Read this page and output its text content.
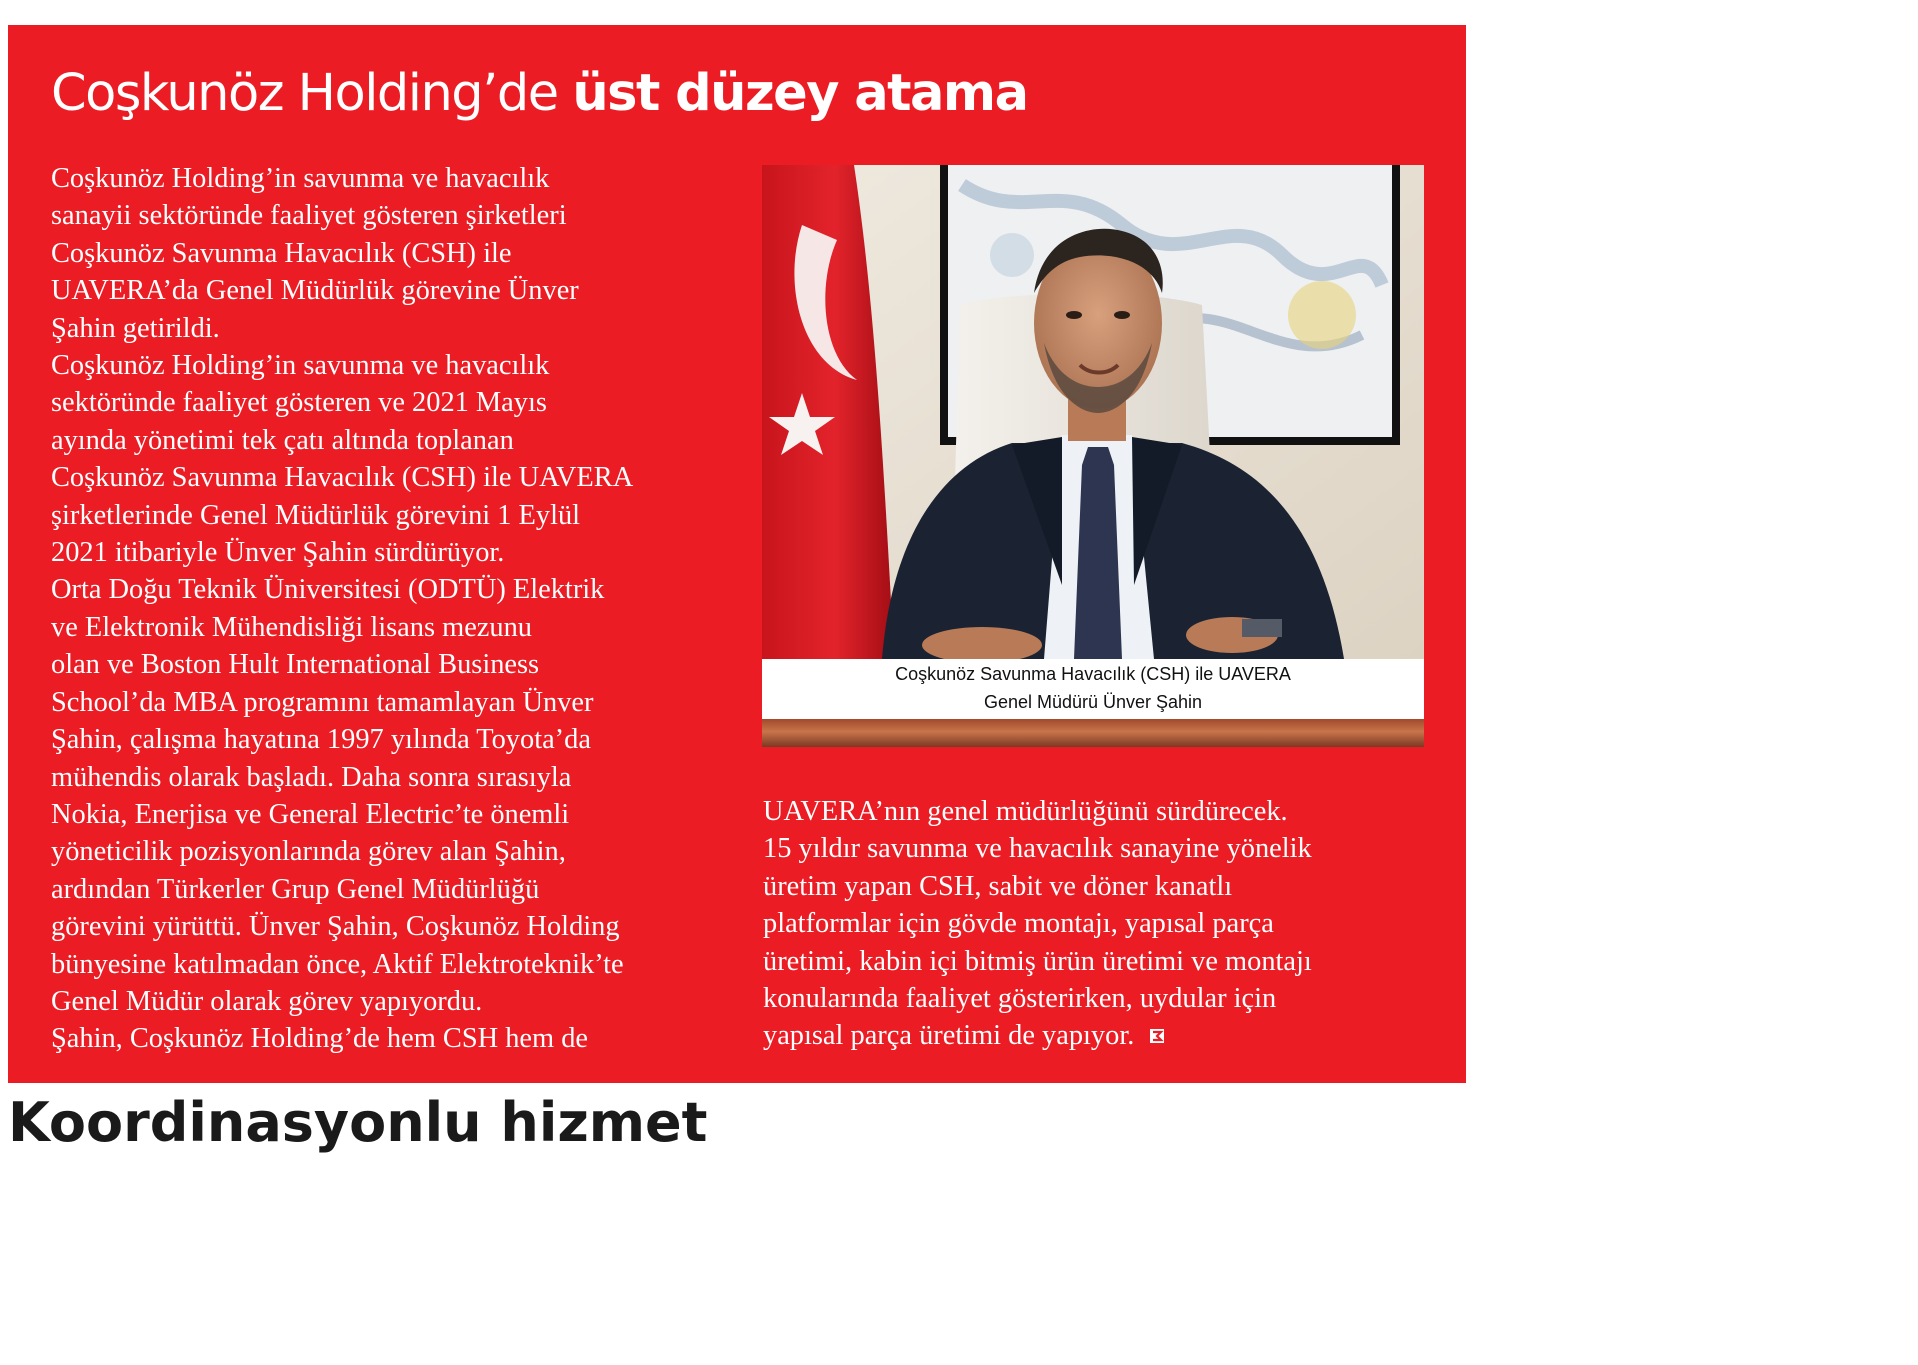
Coşkunöz Holding’de üst düzey atama
Coşkunöz Holding’in savunma ve havacılık
sanayii sektöründe faaliyet gösteren şirketleri
Coşkunöz Savunma Havacılık (CSH) ile
UAVERA’da Genel Müdürlük görevine Ünver
Şahin getirildi.
Coşkunöz Holding’in savunma ve havacılık
sektöründe faaliyet gösteren ve 2021 Mayıs
ayında yönetimi tek çatı altında toplanan
Coşkunöz Savunma Havacılık (CSH) ile UAVERA
şirketlerinde Genel Müdürlük görevini 1 Eylül
2021 itibariyle Ünver Şahin sürdürüyor.
Orta Doğu Teknik Üniversitesi (ODTÜ) Elektrik
ve Elektronik Mühendisliği lisans mezunu
olan ve Boston Hult International Business
School’da MBA programını tamamlayan Ünver
Şahin, çalışma hayatına 1997 yılında Toyota’da
mühendis olarak başladı. Daha sonra sırasıyla
Nokia, Enerjisa ve General Electric’te önemli
yöneticilik pozisyonlarında görev alan Şahin,
ardından Türkerler Grup Genel Müdürlüğü
görevini yürüttü. Ünver Şahin, Coşkunöz Holding
bünyesine katılmadan önce, Aktif Elektroteknik’te
Genel Müdür olarak görev yapıyordu.
Şahin, Coşkunöz Holding’de hem CSH hem de
Coşkunöz Savunma Havacılık (CSH) ile UAVERA
Genel Müdürü Ünver Şahin
UAVERA’nın genel müdürlüğünü sürdürecek.
15 yıldır savunma ve havacılık sanayine yönelik
üretim yapan CSH, sabit ve döner kanatlı
platformlar için gövde montajı, yapısal parça
üretimi, kabin içi bitmiş ürün üretimi ve montajı
konularında faaliyet gösterirken, uydular için
yapısal parça üretimi de yapıyor.
Koordinasyonlu hizmet
